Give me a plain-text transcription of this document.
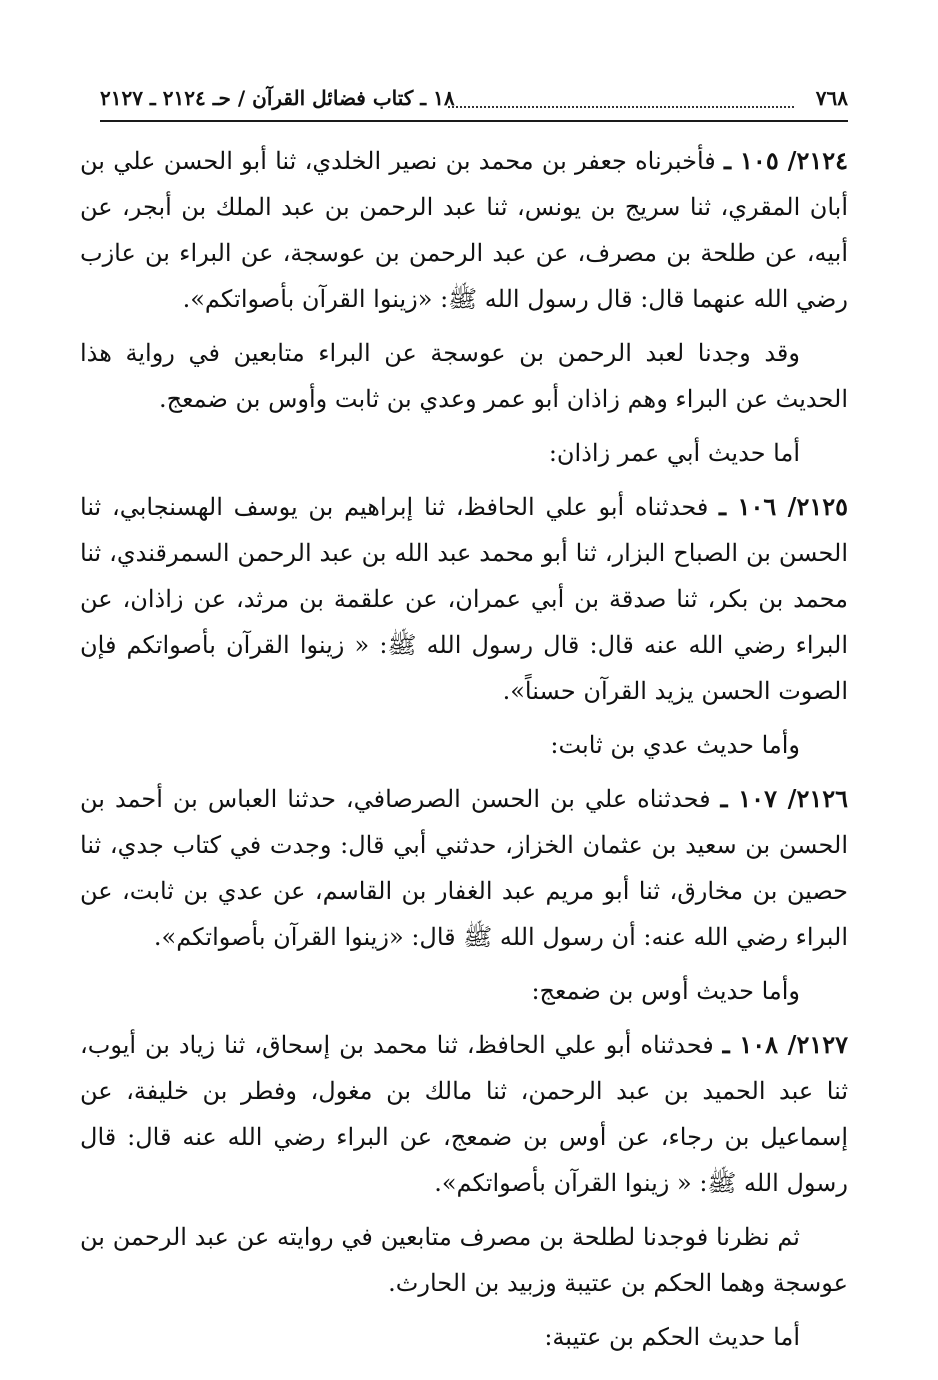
٧٦٨
١٨ ـ كتاب فضائل القرآن / حـ ٢١٢٤ ـ ٢١٢٧

٢١٢٤/ ١٠٥ ـ فأخبرناه جعفر بن محمد بن نصير الخلدي، ثنا أبو الحسن علي بن أبان المقري، ثنا سريج بن يونس، ثنا عبد الرحمن بن عبد الملك بن أبجر، عن أبيه، عن طلحة بن مصرف، عن عبد الرحمن بن عوسجة، عن البراء بن عازب رضي الله عنهما قال: قال رسول الله ﷺ: «زينوا القرآن بأصواتكم».

وقد وجدنا لعبد الرحمن بن عوسجة عن البراء متابعين في رواية هذا الحديث عن البراء وهم زاذان أبو عمر وعدي بن ثابت وأوس بن ضمعج.

أما حديث أبي عمر زاذان:

٢١٢٥/ ١٠٦ ـ فحدثناه أبو علي الحافظ، ثنا إبراهيم بن يوسف الهسنجابي، ثنا الحسن بن الصباح البزار، ثنا أبو محمد عبد الله بن عبد الرحمن السمرقندي، ثنا محمد بن بكر، ثنا صدقة بن أبي عمران، عن علقمة بن مرثد، عن زاذان، عن البراء رضي الله عنه قال: قال رسول الله ﷺ: « زينوا القرآن بأصواتكم فإن الصوت الحسن يزيد القرآن حسناً».

وأما حديث عدي بن ثابت:

٢١٢٦/ ١٠٧ ـ فحدثناه علي بن الحسن الصرصافي، حدثنا العباس بن أحمد بن الحسن بن سعيد بن عثمان الخزاز، حدثني أبي قال: وجدت في كتاب جدي، ثنا حصين بن مخارق، ثنا أبو مريم عبد الغفار بن القاسم، عن عدي بن ثابت، عن البراء رضي الله عنه: أن رسول الله ﷺ قال: «زينوا القرآن بأصواتكم».

وأما حديث أوس بن ضمعج:

٢١٢٧/ ١٠٨ ـ فحدثناه أبو علي الحافظ، ثنا محمد بن إسحاق، ثنا زياد بن أيوب، ثنا عبد الحميد بن عبد الرحمن، ثنا مالك بن مغول، وفطر بن خليفة، عن إسماعيل بن رجاء، عن أوس بن ضمعج، عن البراء رضي الله عنه قال: قال رسول الله ﷺ: « زينوا القرآن بأصواتكم».

ثم نظرنا فوجدنا لطلحة بن مصرف متابعين في روايته عن عبد الرحمن بن عوسجة وهما الحكم بن عتيبة وزبيد بن الحارث.

أما حديث الحكم بن عتيبة:
